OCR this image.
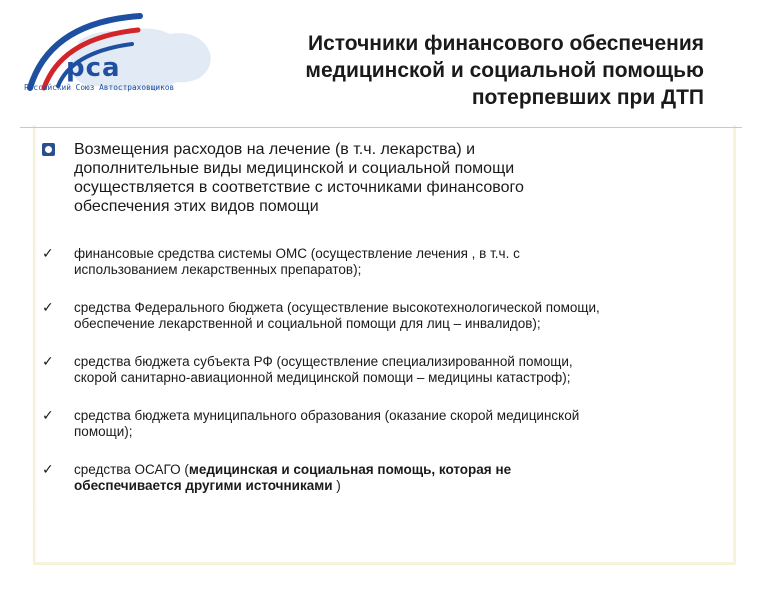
рса
Российский Союз Автостраховщиков
Источники финансового обеспечения
медицинской и социальной помощью
потерпевших при ДТП
Возмещения расходов на лечение (в т.ч. лекарства) и
дополнительные виды медицинской и социальной помощи
осуществляется в соответствие с источниками финансового
обеспечения этих видов помощи
✓ финансовые средства системы ОМС (осуществление лечения , в т.ч. с
использованием лекарственных препаратов);
✓ средства Федерального бюджета (осуществление высокотехнологической помощи,
обеспечение лекарственной и социальной помощи для лиц – инвалидов);
✓ средства бюджета субъекта РФ (осуществление специализированной помощи,
скорой санитарно-авиационной медицинской помощи – медицины катастроф);
✓ средства бюджета муниципального образования (оказание скорой медицинской
помощи);
✓ средства ОСАГО (медицинская и социальная помощь, которая не
обеспечивается другими источниками )
